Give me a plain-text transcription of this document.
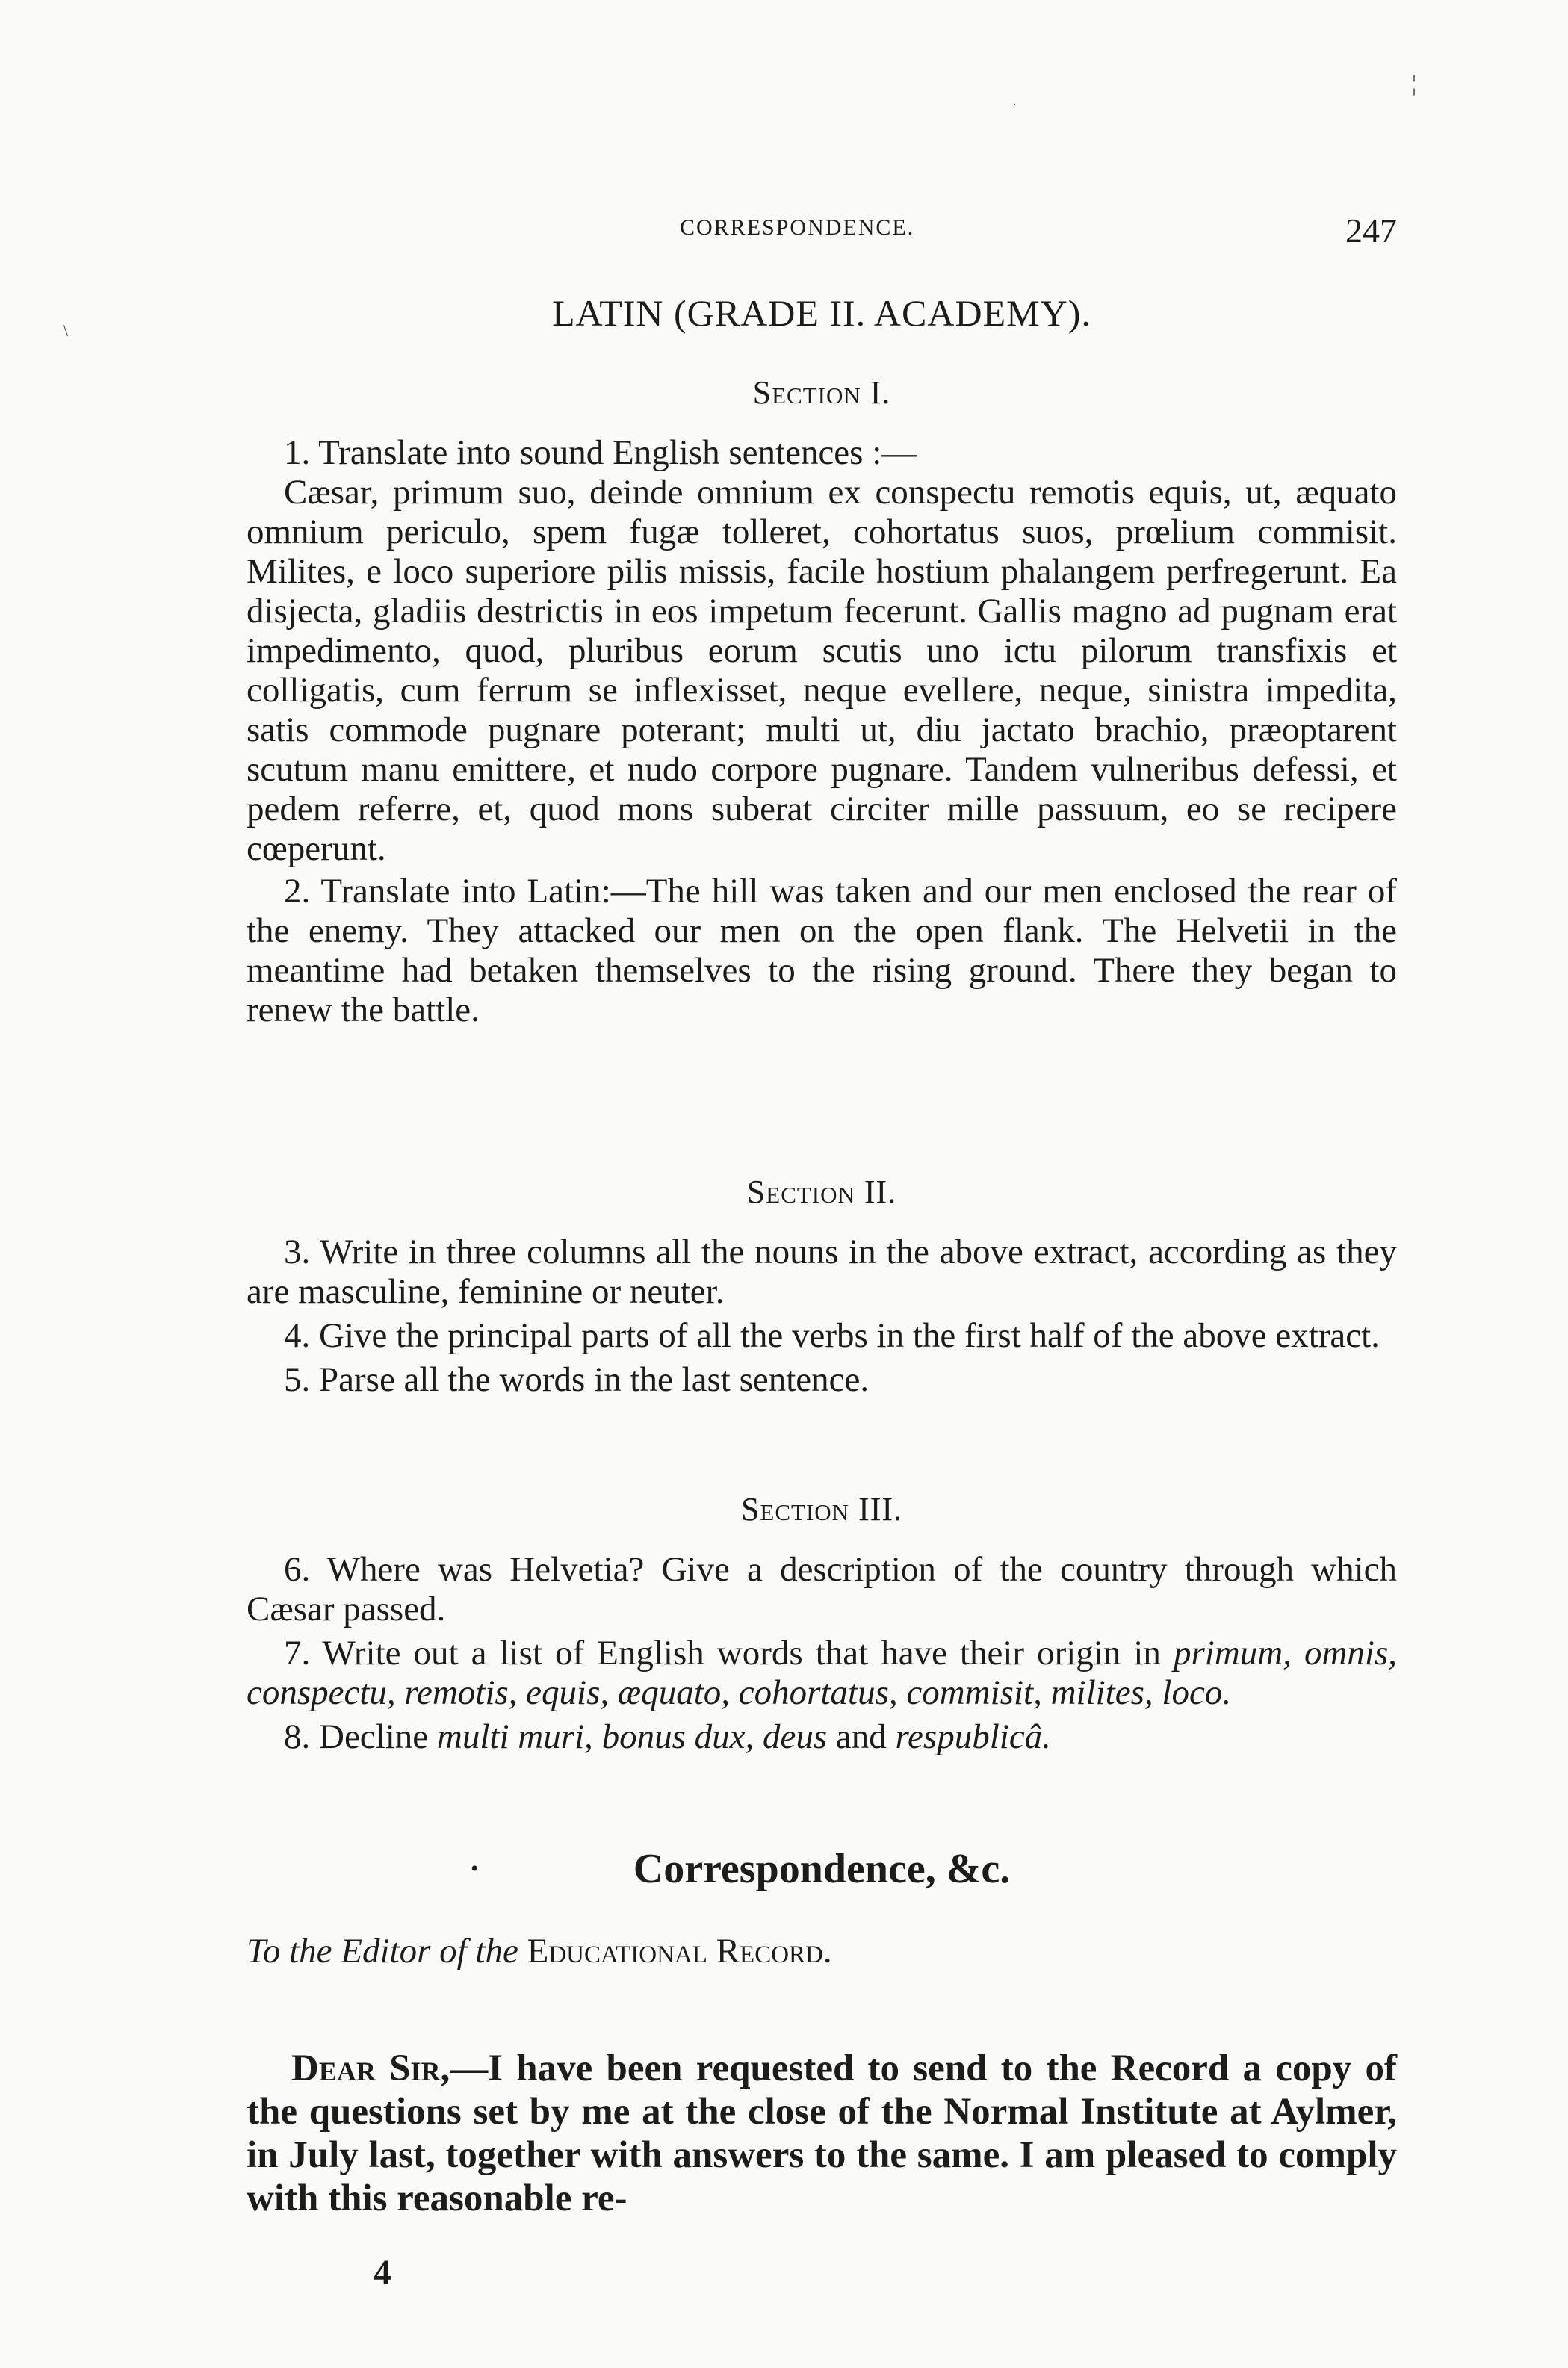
¦
·
\
CORRESPONDENCE.	247
LATIN (GRADE II. ACADEMY).
Section I.

1. Translate into sound English sentences :—

Cæsar, primum suo, deinde omnium ex conspectu remotis equis, ut, æquato omnium periculo, spem fugæ tolleret, cohortatus suos, prœlium commisit. Milites, e loco superiore pilis missis, facile hostium phalangem perfregerunt. Ea disjecta, gladiis destrictis in eos impetum fecerunt. Gallis magno ad pugnam erat impedimento, quod, pluribus eorum scutis uno ictu pilorum transfixis et colligatis, cum ferrum se inflexisset, neque evellere, neque, sinistra impedita, satis commode pugnare poterant; multi ut, diu jactato brachio, præoptarent scutum manu emittere, et nudo corpore pugnare. Tandem vulneribus defessi, et pedem referre, et, quod mons suberat circiter mille passuum, eo se recipere cœperunt.

2. Translate into Latin:—The hill was taken and our men enclosed the rear of the enemy. They attacked our men on the open flank. The Helvetii in the meantime had betaken themselves to the rising ground. There they began to renew the battle.

Section II.

3. Write in three columns all the nouns in the above extract, according as they are masculine, feminine or neuter.

4. Give the principal parts of all the verbs in the first half of the above extract.

5. Parse all the words in the last sentence.

Section III.

6. Where was Helvetia? Give a description of the country through which Cæsar passed.

7. Write out a list of English words that have their origin in primum, omnis, conspectu, remotis, equis, æquato, cohortatus, commisit, milites, loco.

8. Decline multi muri, bonus dux, deus and respublicâ.

•	Correspondence, &c.
To the Editor of the Educational Record.
Dear Sir,—I have been requested to send to the Record a copy of the questions set by me at the close of the Normal Institute at Aylmer, in July last, together with answers to the same. I am pleased to comply with this reasonable re-
4
